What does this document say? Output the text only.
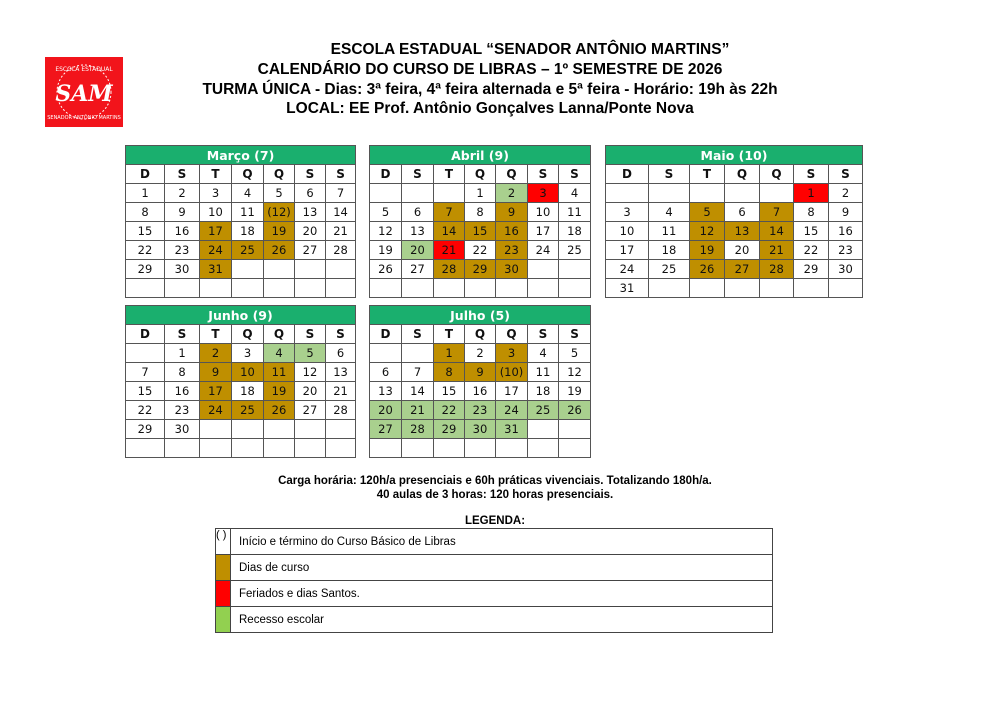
SAM
ESCOLA ESTADUAL
SENADOR ANTÔNIO MARTINS
ESCOLA ESTADUAL “SENADOR ANTÔNIO MARTINS”
CALENDÁRIO DO CURSO DE LIBRAS – 1º SEMESTRE DE 2026
TURMA ÚNICA - Dias: 3ª feira, 4ª feira alternada e 5ª feira - Horário: 19h às 22h
LOCAL: EE Prof. Antônio Gonçalves Lanna/Ponte Nova
Março (7)						
D	S	T	Q	Q	S	S
1	2	3	4	5	6	7
8	9	10	11	(12)	13	14
15	16	17	18	19	20	21
22	23	24	25	26	27	28
29	30	31				

Abril (9)						
D	S	T	Q	Q	S	S
			1	2	3	4
5	6	7	8	9	10	11
12	13	14	15	16	17	18
19	20	21	22	23	24	25
26	27	28	29	30		

Maio (10)						
D	S	T	Q	Q	S	S
					1	2
3	4	5	6	7	8	9
10	11	12	13	14	15	16
17	18	19	20	21	22	23
24	25	26	27	28	29	30
31						
Junho (9)						
D	S	T	Q	Q	S	S
	1	2	3	4	5	6
7	8	9	10	11	12	13
15	16	17	18	19	20	21
22	23	24	25	26	27	28
29	30					

Julho (5)						
D	S	T	Q	Q	S	S
		1	2	3	4	5
6	7	8	9	(10)	11	12
13	14	15	16	17	18	19
20	21	22	23	24	25	26
27	28	29	30	31		

Carga horária: 120h/a presenciais e 60h práticas vivenciais. Totalizando 180h/a.
40 aulas de 3 horas: 120 horas presenciais.
LEGENDA:
( )	Início e término do Curso Básico de Libras
	Dias de curso
	Feriados e dias Santos.
	Recesso escolar
